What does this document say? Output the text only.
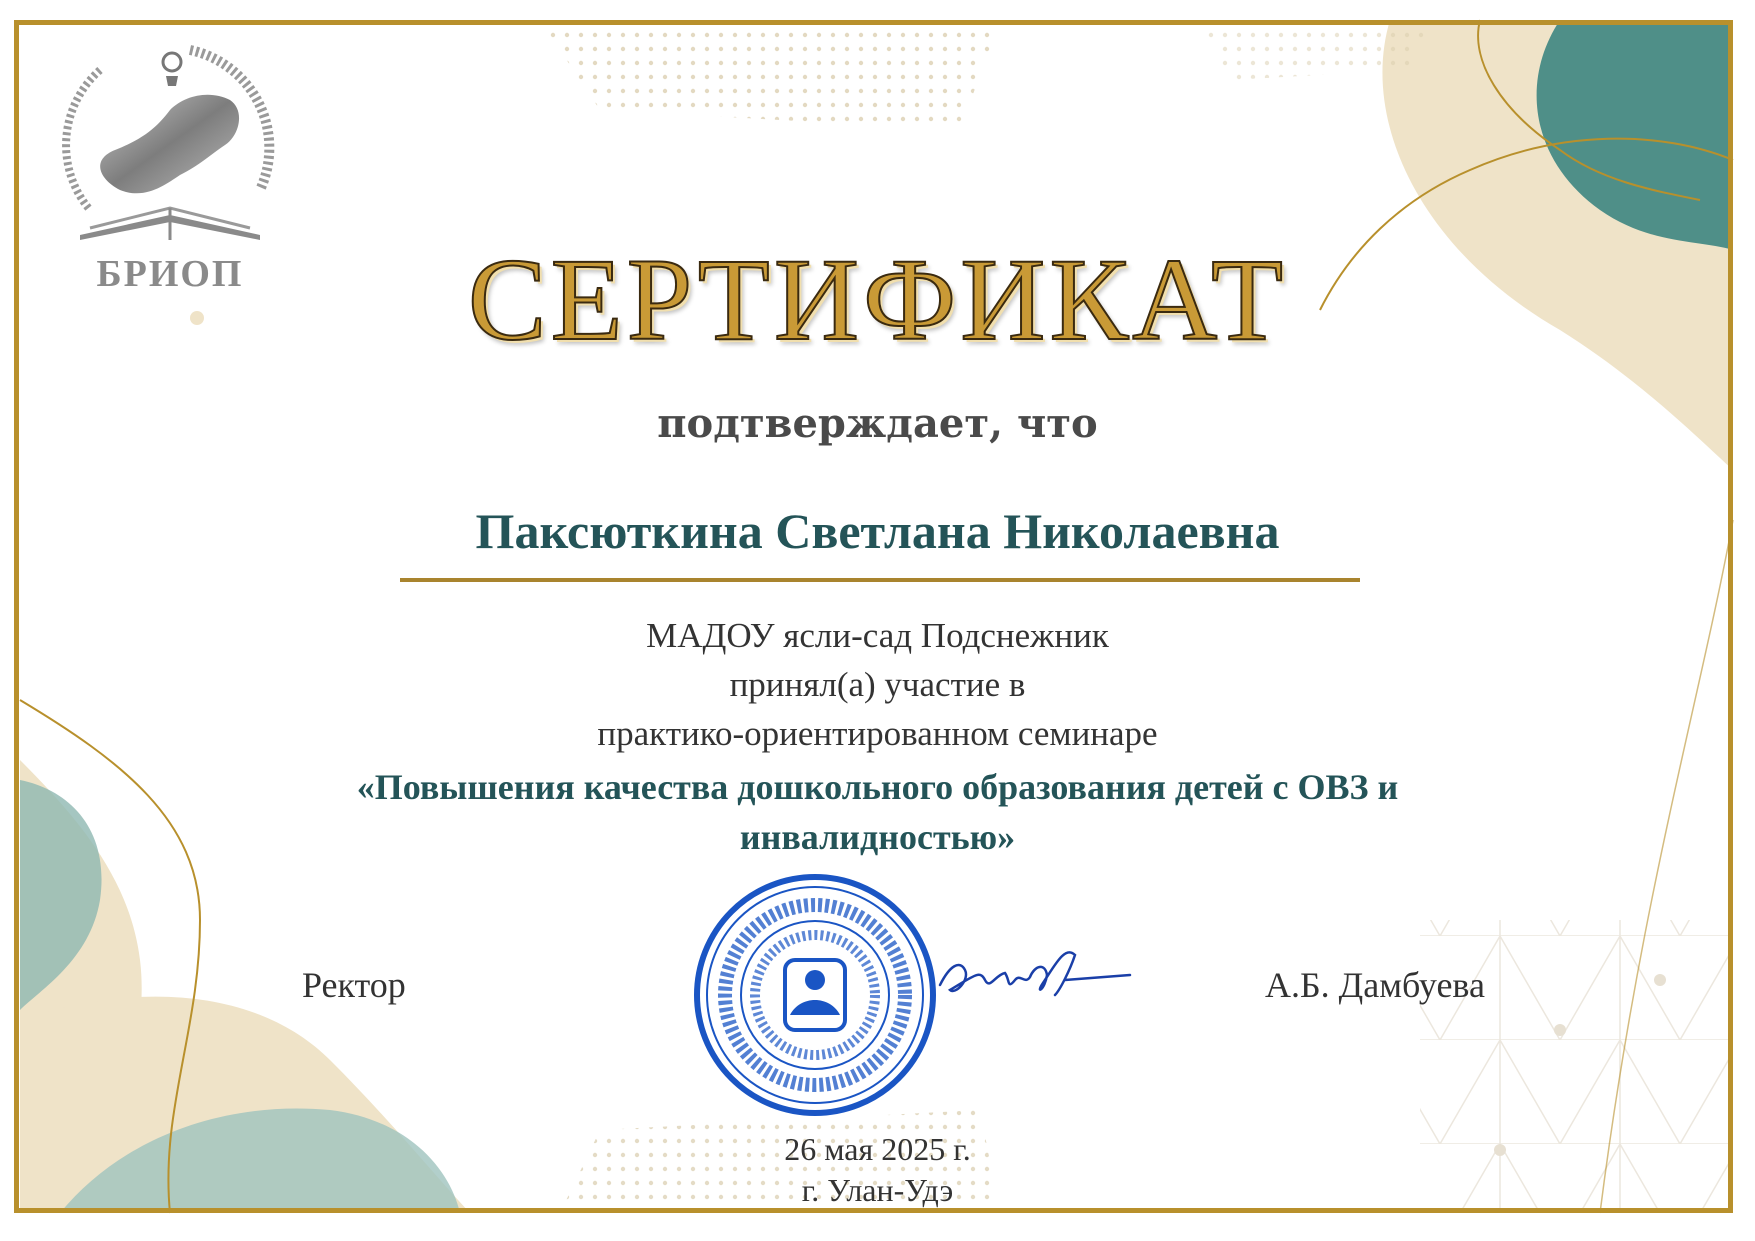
БРИОП	СЕРТИФИКАТ
подтверждает, что
Паксюткина Светлана Николаевна
МАДОУ ясли-сад Подснежник
принял(а) участие в
практико-ориентированном семинаре
«Повышения качества дошкольного образования детей с ОВЗ и инвалидностью»
Ректор	А.Б. Дамбуева
26 мая 2025 г.
г. Улан-Удэ
